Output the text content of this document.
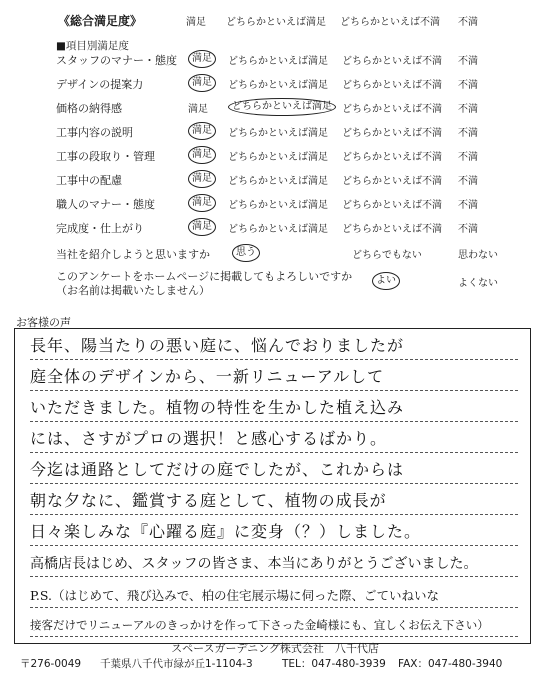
《総合満足度》	満足 どちらかといえば満足 どちらかといえば不満 不満
■項目別満足度
スタッフのマナー・態度	満足	どちらかといえば満足 どちらかといえば不満 不満
デザインの提案力	満足	どちらかといえば満足 どちらかといえば不満 不満
価格の納得感	満足	どちらかといえば満足	どちらかといえば不満 不満
工事内容の説明	満足	どちらかといえば満足 どちらかといえば不満 不満
工事の段取り・管理	満足	どちらかといえば満足 どちらかといえば不満 不満
工事中の配慮	満足	どちらかといえば満足 どちらかといえば不満 不満
職人のマナー・態度	満足	どちらかといえば満足 どちらかといえば不満 不満
完成度・仕上がり	満足	どちらかといえば満足 どちらかといえば不満 不満
当社を紹介しようと思いますか	思う	どちらでもない	思わない
このアンケートをホームページに掲載してもよろしいですか
（お名前は掲載いたしません）
よい	よくない
お客様の声
長年、陽当たりの悪い庭に、悩んでおりましたが
庭全体のデザインから、一新リニューアルして
いただきました。植物の特性を生かした植え込み
には、さすがプロの選択！と感心するばかり。
今迄は通路としてだけの庭でしたが、これからは
朝な夕なに、鑑賞する庭として、植物の成長が
日々楽しみな『心躍る庭』に変身（？）しました。
高橋店長はじめ、スタッフの皆さま、本当にありがとうございました。
P.S.（はじめて、飛び込みで、柏の住宅展示場に伺った際、ごていねいな
接客だけでリニューアルのきっかけを作って下さった金崎様にも、宜しくお伝え下さい）
スペースガーデニング株式会社　八千代店
〒276-0049 千葉県八千代市緑が丘1-1104-3	TEL：047-480-3939 FAX：047-480-3940
